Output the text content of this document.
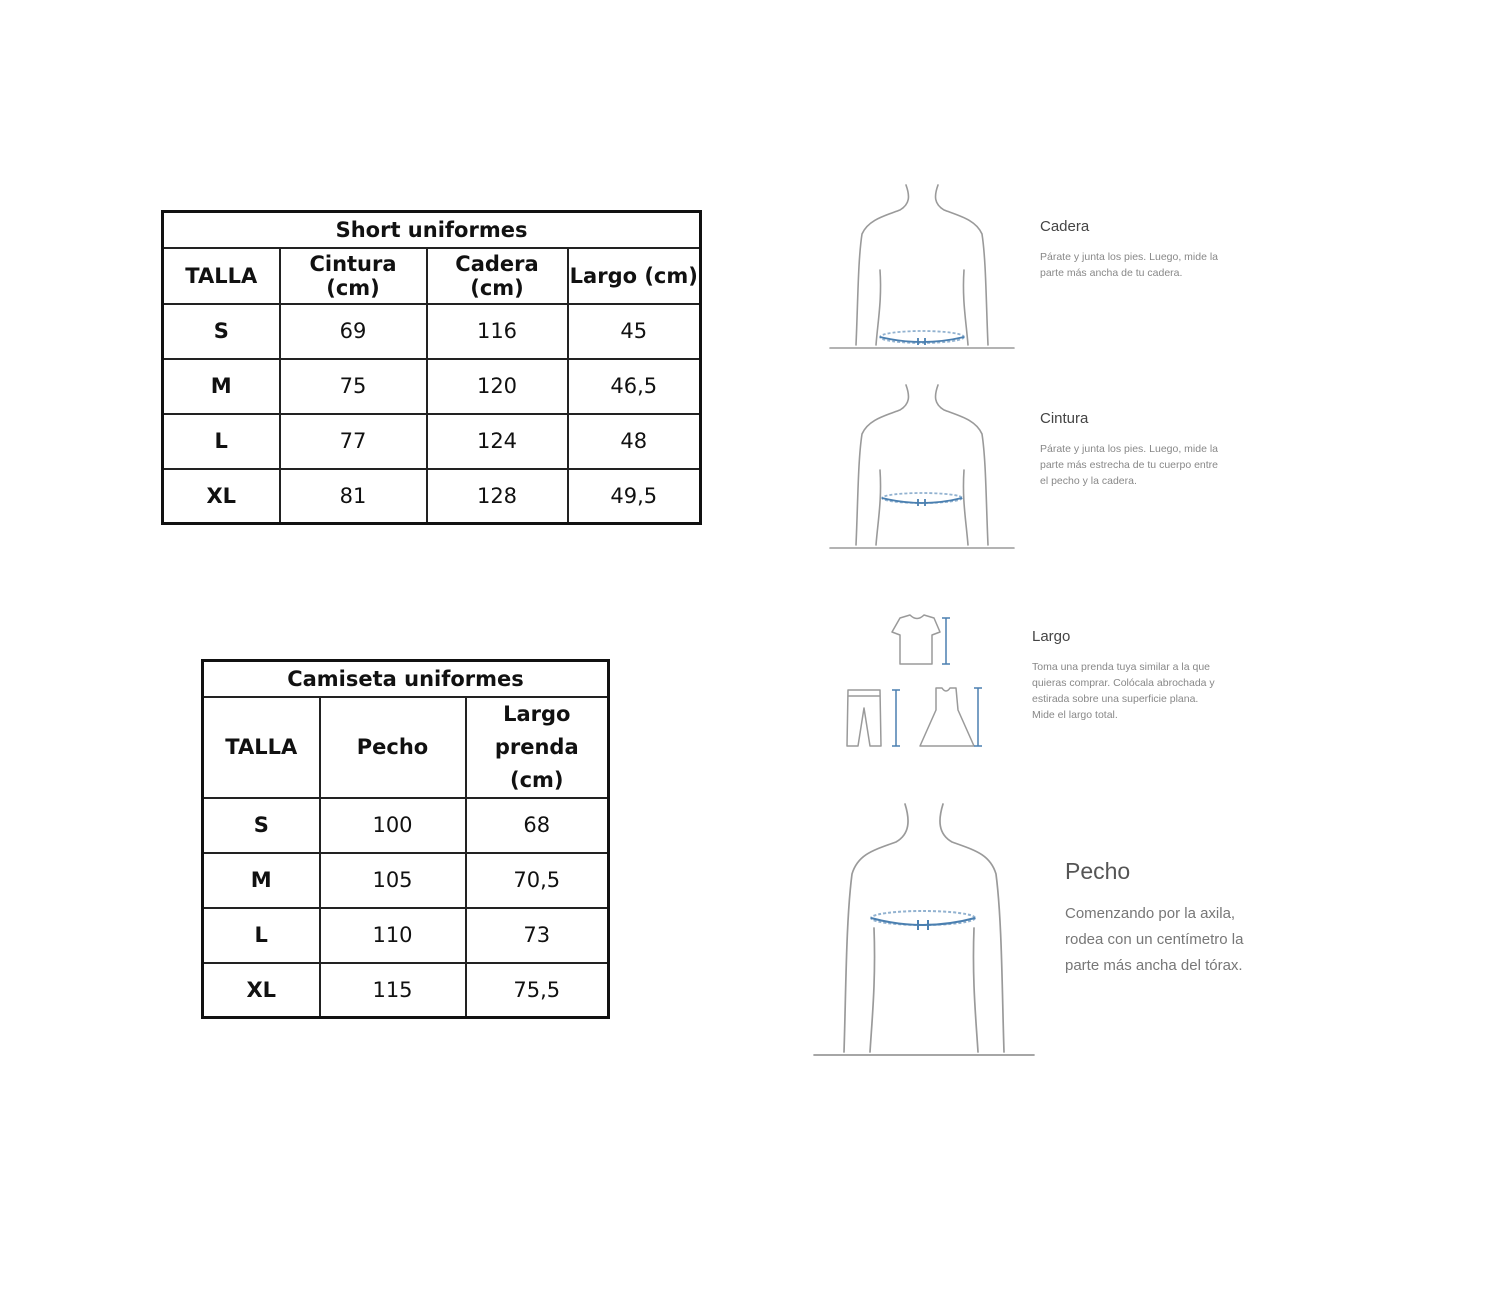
Short uniformes			
TALLA	Cintura (cm)	Cadera (cm)	Largo (cm)
S	69	116	45
M	75	120	46,5
L	77	124	48
XL	81	128	49,5
Camiseta uniformes		
TALLA	Pecho	Largo prenda (cm)
S	100	68
M	105	70,5
L	110	73
XL	115	75,5
Cadera
Párate y junta los pies. Luego, mide la parte más ancha de tu cadera.
Cintura
Párate y junta los pies. Luego, mide la parte más estrecha de tu cuerpo entre el pecho y la cadera.
Largo
Toma una prenda tuya similar a la que quieras comprar. Colócala abrochada y estirada sobre una superficie plana. Mide el largo total.
Pecho
Comenzando por la axila, rodea con un centímetro la parte más ancha del tórax.
